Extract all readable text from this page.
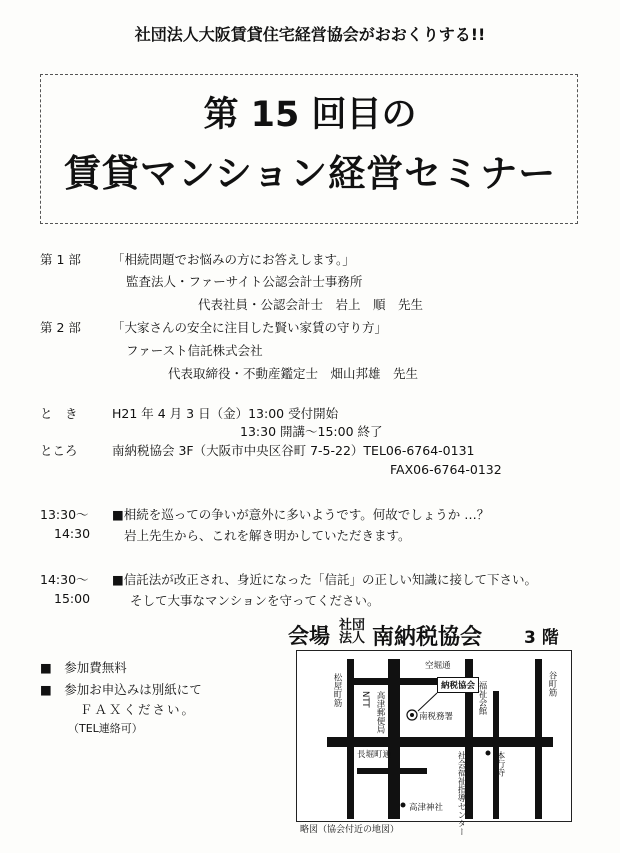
社団法人大阪賃貸住宅経営協会がおおくりする!!
第 15 回目の
賃貸マンション経営セミナー
第 1 部 「相続問題でお悩みの方にお答えします。」
監査法人・ファーサイト公認会計士事務所
代表社員・公認会計士　岩上　順　先生
第 2 部 「大家さんの安全に注目した賢い家賃の守り方」
ファースト信託株式会社
代表取締役・不動産鑑定士　畑山邦雄　先生
と　き	H21 年 4 月 3 日（金）13:00 受付開始
13:30 開講～15:00 終了
ところ	南納税協会 3F（大阪市中央区谷町 7-5-22）TEL06-6764-0131
FAX06-6764-0132
13:30～
14:30
■相続を巡っての争いが意外に多いようです。何故でしょうか …？
岩上先生から、これを解き明かしていただきます。
14:30～
15:00
■信託法が改正され、身近になった「信託」の正しい知識に接して下さい。
そして大事なマンションを守ってください。
会場 社団
法人 南納税協会 3 階
■　参加費無料
■　参加お申込みは別紙にて
ＦＡＸください。
（TEL連絡可）
空堀通
納税協会
南税務署
松屋町筋 NTT 高津郵便局	福祉会館	谷町筋
長堀町通	本行寺
社会福祉指導センター
高津神社
略図（協会付近の地図）
